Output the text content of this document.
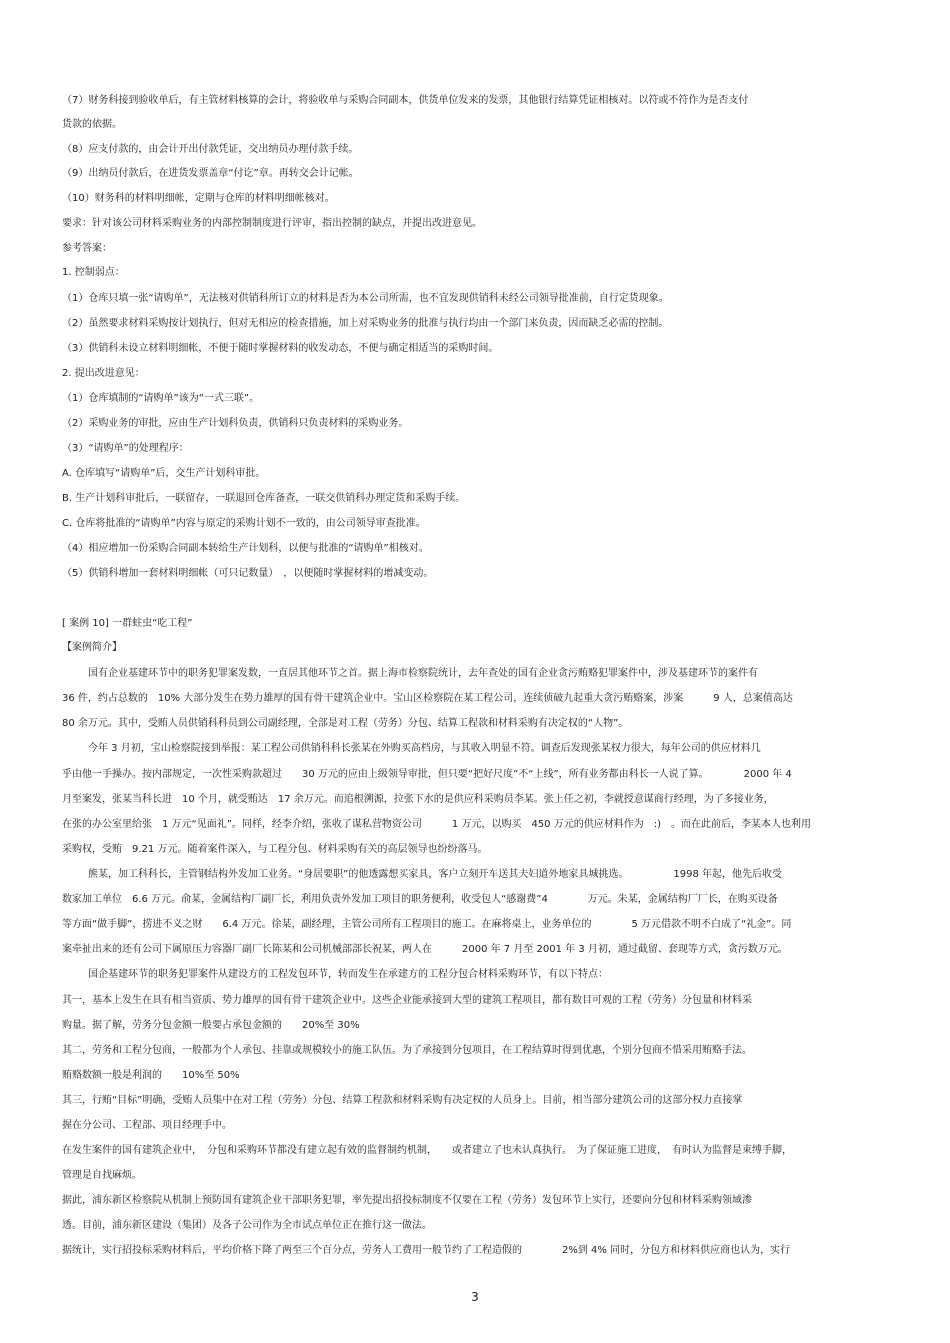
（7）财务科接到验收单后，有主管材料核算的会计，将验收单与采购合同副本，供货单位发来的发票，其他银行结算凭证相核对。以符或不符作为是否支付
货款的依据。
（8）应支付款的，由会计开出付款凭证，交出纳员办理付款手续。
（9）出纳员付款后，在进货发票盖章“付讫”章。再转交会计记帐。
（10）财务科的材料明细帐，定期与仓库的材料明细帐核对。
要求：针对该公司材料采购业务的内部控制制度进行评审，指出控制的缺点，并提出改进意见。
参考答案：
1. 控制弱点：
（1）仓库只填一张“请购单”，无法核对供销科所订立的材料是否为本公司所需，也不宜发现供销科未经公司领导批准前，自行定货现象。
（2）虽然要求材料采购按计划执行，但对无相应的检查措施，加上对采购业务的批准与执行均由一个部门来负责，因而缺乏必需的控制。
（3）供销科未设立材料明细帐，不便于随时掌握材料的收发动态，不便与确定相适当的采购时间。
2. 提出改进意见：
（1）仓库填制的“请购单”该为“一式三联”。
（2）采购业务的审批，应由生产计划科负责，供销科只负责材料的采购业务。
（3）“请购单”的处理程序：
A. 仓库填写“请购单”后，交生产计划科审批。
B. 生产计划科审批后，一联留存，一联退回仓库备查，一联交供销科办理定货和采购手续。
C. 仓库将批准的“请购单”内容与原定的采购计划不一致的，由公司领导审查批准。
（4）相应增加一份采购合同副本转给生产计划科，以便与批准的“请购单”相核对。
（5）供销科增加一套材料明细帐（可只记数量）　，以便随时掌握材料的增减变动。
[ 案例 10] 一群蛀虫“吃工程”
【案例简介】
国有企业基建环节中的职务犯罪案发数，一直居其他环节之首。据上海市检察院统计，去年查处的国有企业贪污贿赂犯罪案件中，涉及基建环节的案件有
36 件，约占总数的　10% 大部分发生在势力雄厚的国有骨干建筑企业中。宝山区检察院在某工程公司，连续侦破九起重大贪污贿赂案，涉案　　　9 人，总案值高达
80 余万元。其中，受贿人员供销科科员到公司副经理，全部是对工程（劳务）分包、结算工程款和材料采购有决定权的“人物”。
今年 3 月初，宝山检察院接到举报：某工程公司供销科科长张某在外购买高档房，与其收入明显不符。调查后发现张某权力很大，每年公司的供应材料几
乎由他一手操办。按内部规定，一次性采购款超过　　30 万元的应由上级领导审批，但只要“把好尺度”不“上线”，所有业务都由科长一人说了算。　　　　2000 年 4
月至案发，张某当科长进　10 个月，就受贿达　17 余万元。而追根溯源，拉张下水的是供应科采购员李某。张上任之初，李就授意谋商行经理，为了多接业务，
在张的办公室里给张　1 万元“见面礼”。同样，经李介绍，张收了谋私营物资公司　　　1 万元，以购买　450 万元的供应材料作为　:)　。而在此前后，李某本人也利用
采购权，受贿　9.21 万元。随着案件深入，与工程分包、材料采购有关的高层领导也纷纷落马。
熊某，加工科科长，主管钢结构外发加工业务。“身居要职”的他透露想买家具，客户立刻开车送其夫妇道外地家具城挑选。　　　　　1998 年起，他先后收受
数家加工单位　6.6 万元。俞某，金属结构厂副厂长，利用负责外发加工项目的职务便利，收受包人“感谢费”4　　　　万元。朱某，金属结构厂厂长，在购买设备
等方面“做手脚”，捞进不义之财　　6.4 万元。徐某，副经理，主管公司所有工程项目的施工。在麻将桌上，业务单位的　　　　5 万元借款不明不白成了“礼金”。同
案牵扯出来的还有公司下属原压力容器厂副厂长陈某和公司机械部部长祝某，两人在　　　2000 年 7 月至 2001 年 3 月初，通过截留、套现等方式，贪污数万元。
国企基建环节的职务犯罪案件从建设方的工程发包环节，转而发生在承建方的工程分包合材料采购环节，有以下特点：
其一，基本上发生在具有相当资质、势力雄厚的国有骨干建筑企业中。这些企业能承接到大型的建筑工程项目，都有数目可观的工程（劳务）分包量和材料采
购量。据了解，劳务分包金额一般要占承包金额的　　20%至 30%
其二，劳务和工程分包商，一般都为个人承包、挂靠或规模较小的施工队伍。为了承接到分包项目，在工程结算时得到优惠，个别分包商不惜采用贿赂手法。
贿赂数额一般是利润的　　10%至 50%
其三，行贿“目标”明确，受贿人员集中在对工程（劳务）分包、结算工程款和材料采购有决定权的人员身上。目前，相当部分建筑公司的这部分权力直接掌
握在分公司、工程部、项目经理手中。
在发生案件的国有建筑企业中，　分包和采购环节都没有建立起有效的监督制约机制，　　或者建立了也未认真执行。　为了保证施工进度，　有时认为监督是束缚手脚，
管理是自找麻烦。
据此，浦东新区检察院从机制上预防国有建筑企业干部职务犯罪，率先提出招投标制度不仅要在工程（劳务）发包环节上实行，还要向分包和材料采购领域渗
透。目前，浦东新区建设（集团）及各子公司作为全市试点单位正在推行这一做法。
据统计，实行招投标采购材料后，平均价格下降了两至三个百分点，劳务人工费用一般节约了工程造假的　　　　2%到 4% 同时，分包方和材料供应商也认为，实行
3
